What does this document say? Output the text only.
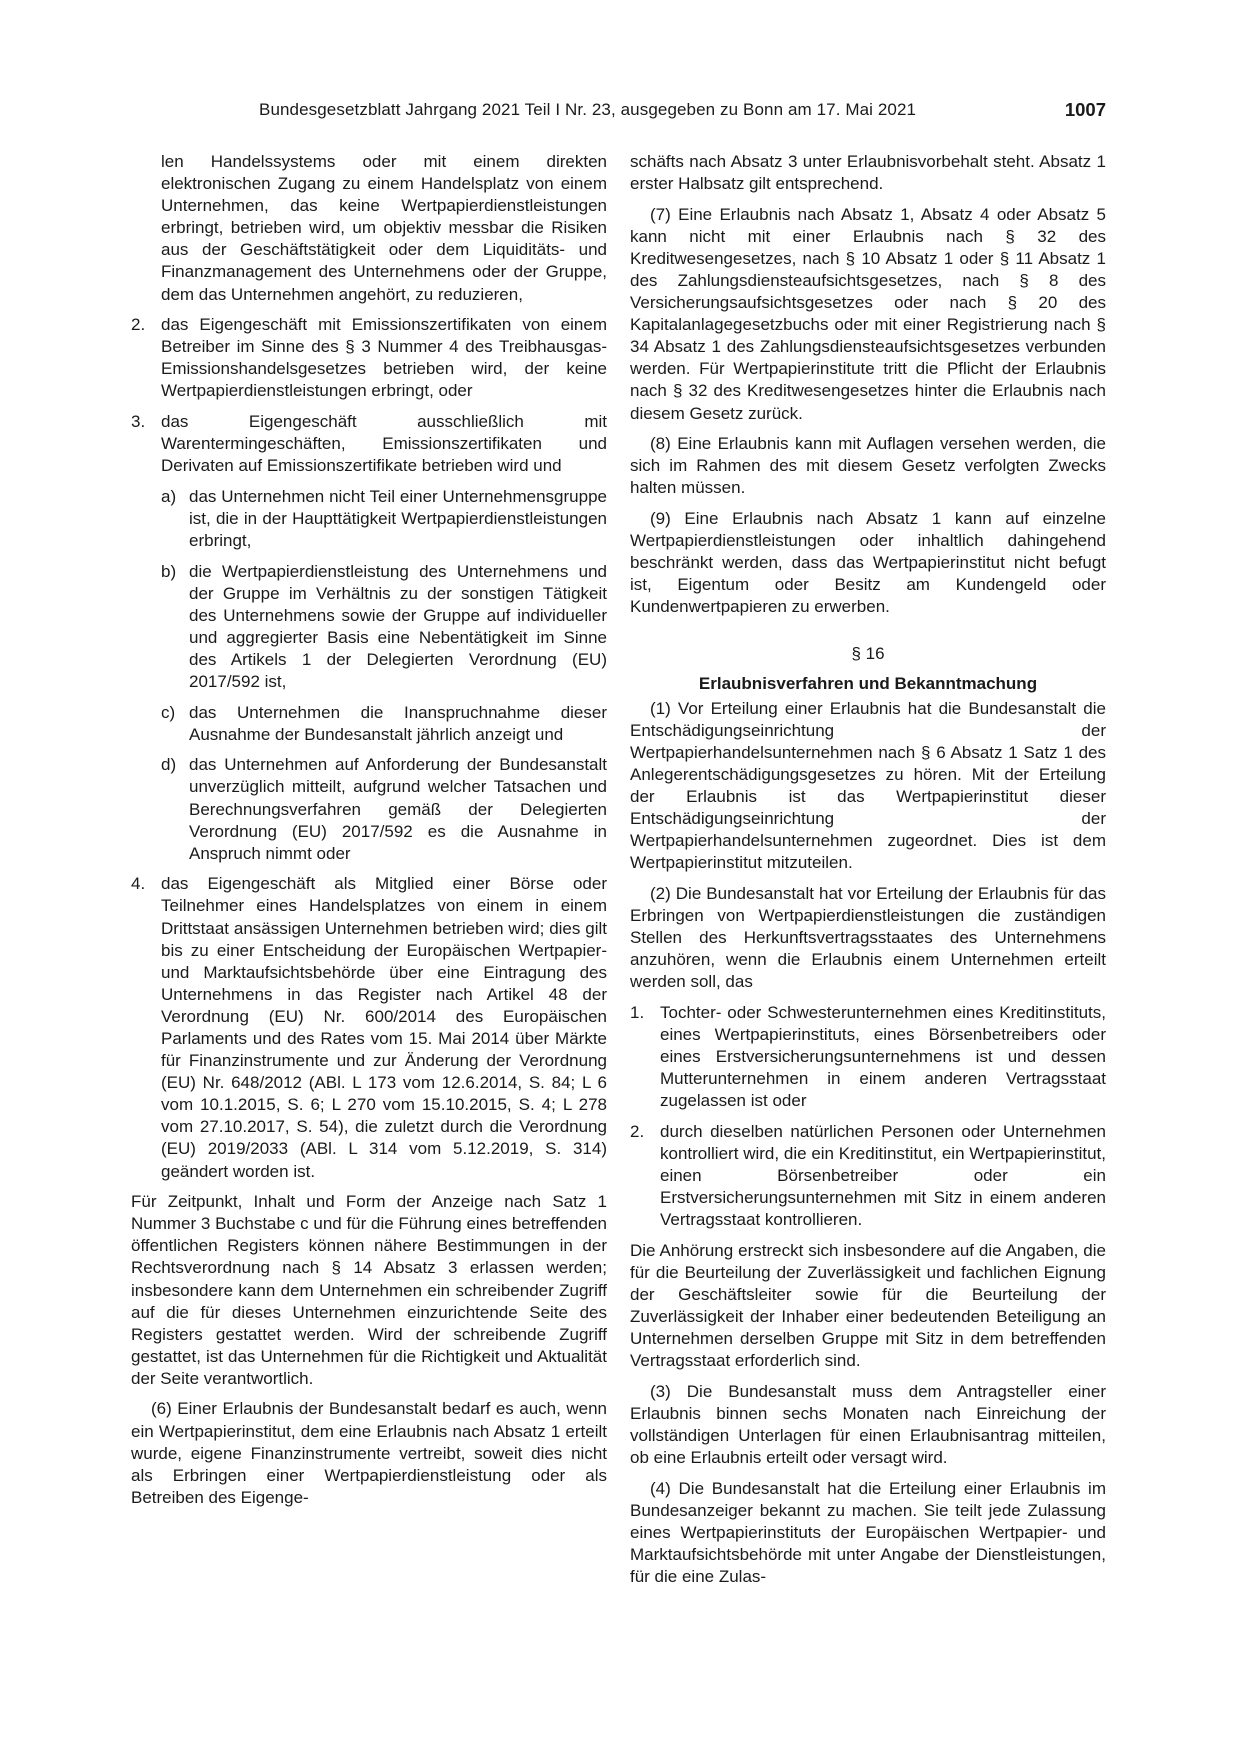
Bundesgesetzblatt Jahrgang 2021 Teil I Nr. 23, ausgegeben zu Bonn am 17. Mai 2021	1007

len Handelssystems oder mit einem direkten elektronischen Zugang zu einem Handelsplatz von einem Unternehmen, das keine Wertpapierdienstleistungen erbringt, betrieben wird, um objektiv messbar die Risiken aus der Geschäftstätigkeit oder dem Liquiditäts- und Finanzmanagement des Unternehmens oder der Gruppe, dem das Unternehmen angehört, zu reduzieren,

2. das Eigengeschäft mit Emissionszertifikaten von einem Betreiber im Sinne des § 3 Nummer 4 des Treibhausgas-Emissionshandelsgesetzes betrieben wird, der keine Wertpapierdienstleistungen erbringt, oder
3. das Eigengeschäft ausschließlich mit Warentermingeschäften, Emissionszertifikaten und Derivaten auf Emissionszertifikate betrieben wird und
a) das Unternehmen nicht Teil einer Unternehmensgruppe ist, die in der Haupttätigkeit Wertpapierdienstleistungen erbringt,
b) die Wertpapierdienstleistung des Unternehmens und der Gruppe im Verhältnis zu der sonstigen Tätigkeit des Unternehmens sowie der Gruppe auf individueller und aggregierter Basis eine Nebentätigkeit im Sinne des Artikels 1 der Delegierten Verordnung (EU) 2017/592 ist,
c) das Unternehmen die Inanspruchnahme dieser Ausnahme der Bundesanstalt jährlich anzeigt und
d) das Unternehmen auf Anforderung der Bundesanstalt unverzüglich mitteilt, aufgrund welcher Tatsachen und Berechnungsverfahren gemäß der Delegierten Verordnung (EU) 2017/592 es die Ausnahme in Anspruch nimmt oder
4. das Eigengeschäft als Mitglied einer Börse oder Teilnehmer eines Handelsplatzes von einem in einem Drittstaat ansässigen Unternehmen betrieben wird; dies gilt bis zu einer Entscheidung der Europäischen Wertpapier- und Marktaufsichtsbehörde über eine Eintragung des Unternehmens in das Register nach Artikel 48 der Verordnung (EU) Nr. 600/2014 des Europäischen Parlaments und des Rates vom 15. Mai 2014 über Märkte für Finanzinstrumente und zur Änderung der Verordnung (EU) Nr. 648/2012 (ABl. L 173 vom 12.6.2014, S. 84; L 6 vom 10.1.2015, S. 6; L 270 vom 15.10.2015, S. 4; L 278 vom 27.10.2017, S. 54), die zuletzt durch die Verordnung (EU) 2019/2033 (ABl. L 314 vom 5.12.2019, S. 314) geändert worden ist.

Für Zeitpunkt, Inhalt und Form der Anzeige nach Satz 1 Nummer 3 Buchstabe c und für die Führung eines betreffenden öffentlichen Registers können nähere Bestimmungen in der Rechtsverordnung nach § 14 Absatz 3 erlassen werden; insbesondere kann dem Unternehmen ein schreibender Zugriff auf die für dieses Unternehmen einzurichtende Seite des Registers gestattet werden. Wird der schreibende Zugriff gestattet, ist das Unternehmen für die Richtigkeit und Aktualität der Seite verantwortlich.

(6) Einer Erlaubnis der Bundesanstalt bedarf es auch, wenn ein Wertpapierinstitut, dem eine Erlaubnis nach Absatz 1 erteilt wurde, eigene Finanzinstrumente vertreibt, soweit dies nicht als Erbringen einer Wertpapierdienstleistung oder als Betreiben des Eigenge-

schäfts nach Absatz 3 unter Erlaubnisvorbehalt steht. Absatz 1 erster Halbsatz gilt entsprechend.

(7) Eine Erlaubnis nach Absatz 1, Absatz 4 oder Absatz 5 kann nicht mit einer Erlaubnis nach § 32 des Kreditwesengesetzes, nach § 10 Absatz 1 oder § 11 Absatz 1 des Zahlungsdiensteaufsichtsgesetzes, nach § 8 des Versicherungsaufsichtsgesetzes oder nach § 20 des Kapitalanlagegesetzbuchs oder mit einer Registrierung nach § 34 Absatz 1 des Zahlungsdiensteaufsichtsgesetzes verbunden werden. Für Wertpapierinstitute tritt die Pflicht der Erlaubnis nach § 32 des Kreditwesengesetzes hinter die Erlaubnis nach diesem Gesetz zurück.

(8) Eine Erlaubnis kann mit Auflagen versehen werden, die sich im Rahmen des mit diesem Gesetz verfolgten Zwecks halten müssen.

(9) Eine Erlaubnis nach Absatz 1 kann auf einzelne Wertpapierdienstleistungen oder inhaltlich dahingehend beschränkt werden, dass das Wertpapierinstitut nicht befugt ist, Eigentum oder Besitz am Kundengeld oder Kundenwertpapieren zu erwerben.

§ 16

Erlaubnisverfahren und Bekanntmachung

(1) Vor Erteilung einer Erlaubnis hat die Bundesanstalt die Entschädigungseinrichtung der Wertpapierhandelsunternehmen nach § 6 Absatz 1 Satz 1 des Anlegerentschädigungsgesetzes zu hören. Mit der Erteilung der Erlaubnis ist das Wertpapierinstitut dieser Entschädigungseinrichtung der Wertpapierhandelsunternehmen zugeordnet. Dies ist dem Wertpapierinstitut mitzuteilen.

(2) Die Bundesanstalt hat vor Erteilung der Erlaubnis für das Erbringen von Wertpapierdienstleistungen die zuständigen Stellen des Herkunftsvertragsstaates des Unternehmens anzuhören, wenn die Erlaubnis einem Unternehmen erteilt werden soll, das

1. Tochter- oder Schwesterunternehmen eines Kreditinstituts, eines Wertpapierinstituts, eines Börsenbetreibers oder eines Erstversicherungsunternehmens ist und dessen Mutterunternehmen in einem anderen Vertragsstaat zugelassen ist oder
2. durch dieselben natürlichen Personen oder Unternehmen kontrolliert wird, die ein Kreditinstitut, ein Wertpapierinstitut, einen Börsenbetreiber oder ein Erstversicherungsunternehmen mit Sitz in einem anderen Vertragsstaat kontrollieren.

Die Anhörung erstreckt sich insbesondere auf die Angaben, die für die Beurteilung der Zuverlässigkeit und fachlichen Eignung der Geschäftsleiter sowie für die Beurteilung der Zuverlässigkeit der Inhaber einer bedeutenden Beteiligung an Unternehmen derselben Gruppe mit Sitz in dem betreffenden Vertragsstaat erforderlich sind.

(3) Die Bundesanstalt muss dem Antragsteller einer Erlaubnis binnen sechs Monaten nach Einreichung der vollständigen Unterlagen für einen Erlaubnisantrag mitteilen, ob eine Erlaubnis erteilt oder versagt wird.

(4) Die Bundesanstalt hat die Erteilung einer Erlaubnis im Bundesanzeiger bekannt zu machen. Sie teilt jede Zulassung eines Wertpapierinstituts der Europäischen Wertpapier- und Marktaufsichtsbehörde mit unter Angabe der Dienstleistungen, für die eine Zulas-
